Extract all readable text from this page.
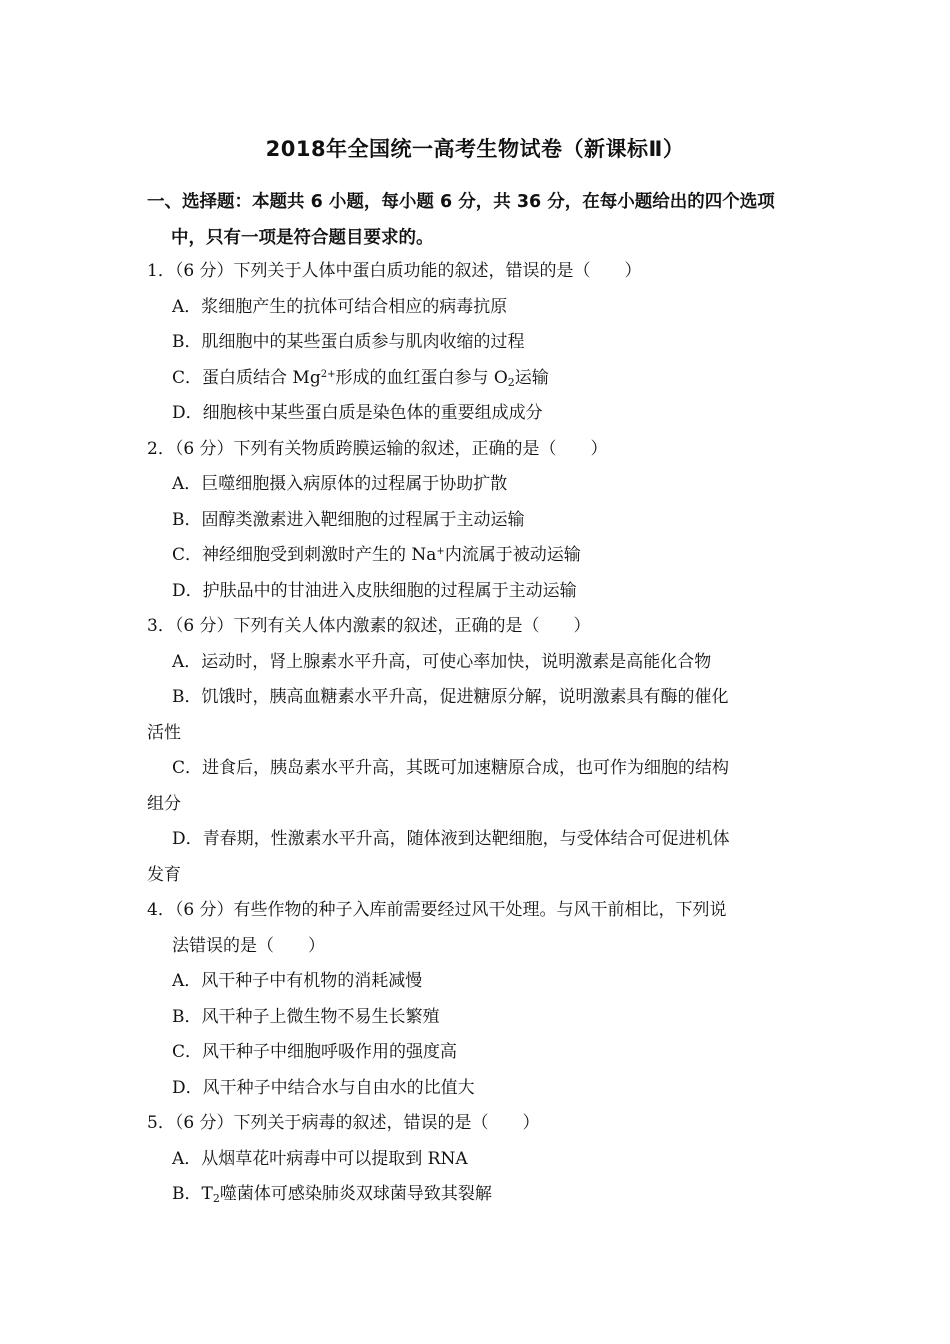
2018年全国统一高考生物试卷（新课标Ⅱ）
一、选择题：本题共 6 小题，每小题 6 分，共 36 分，在每小题给出的四个选项
中，只有一项是符合题目要求的。
1．（6 分）下列关于人体中蛋白质功能的叙述，错误的是（　　）
A．浆细胞产生的抗体可结合相应的病毒抗原
B．肌细胞中的某些蛋白质参与肌肉收缩的过程
C．蛋白质结合 $Mg^{2+}$形成的血红蛋白参与 $O_2$运输
D．细胞核中某些蛋白质是染色体的重要组成成分
2．（6 分）下列有关物质跨膜运输的叙述，正确的是（　　）
A．巨噬细胞摄入病原体的过程属于协助扩散
B．固醇类激素进入靶细胞的过程属于主动运输
C．神经细胞受到刺激时产生的 Na+内流属于被动运输
D．护肤品中的甘油进入皮肤细胞的过程属于主动运输
3．（6 分）下列有关人体内激素的叙述，正确的是（　　）
A．运动时，肾上腺素水平升高，可使心率加快，说明激素是高能化合物
B．饥饿时，胰高血糖素水平升高，促进糖原分解，说明激素具有酶的催化
活性
C．进食后，胰岛素水平升高，其既可加速糖原合成，也可作为细胞的结构
组分
D．青春期，性激素水平升高，随体液到达靶细胞，与受体结合可促进机体
发育
4．（6 分）有些作物的种子入库前需要经过风干处理。与风干前相比，下列说
法错误的是（　　）
A．风干种子中有机物的消耗减慢
B．风干种子上微生物不易生长繁殖
C．风干种子中细胞呼吸作用的强度高
D．风干种子中结合水与自由水的比值大
5．（6 分）下列关于病毒的叙述，错误的是（　　）
A．从烟草花叶病毒中可以提取到 RNA
B．$T_2$噬菌体可感染肺炎双球菌导致其裂解
